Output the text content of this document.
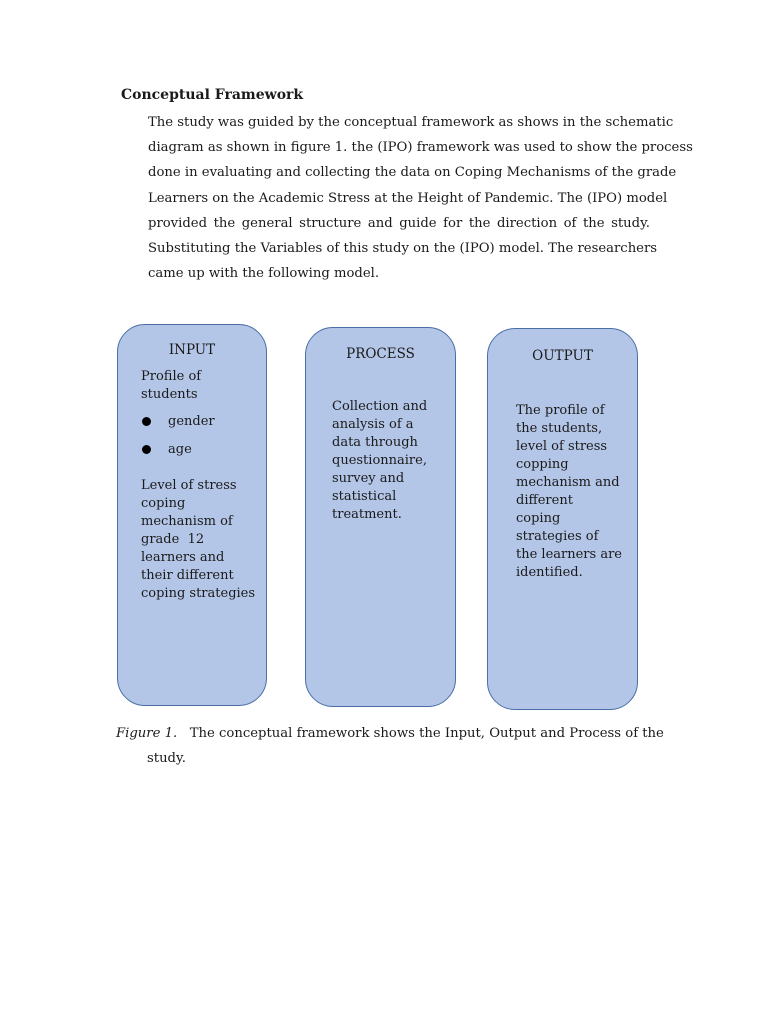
Conceptual Framework

The study was guided by the conceptual framework as shows in the schematic
diagram as shown in figure 1. the (IPO) framework was used to show the process
done in evaluating and collecting the data on Coping Mechanisms of the grade
Learners on the Academic Stress at the Height of Pandemic. The (IPO) model
provided the general structure and guide for the direction of the study.
Substituting the Variables of this study on the (IPO) model. The researchers
came up with the following model.

INPUT
Profile of
students
gender
age
Level of stress
coping
mechanism of
grade  12
learners and
their different
coping strategies
PROCESS
Collection and
analysis of a
data through
questionnaire,
survey and
statistical
treatment.
OUTPUT
The profile of
the students,
level of stress
copping
mechanism and
different
coping
strategies of
the learners are
identified.

Figure 1. The conceptual framework shows the Input, Output and Process of the
study.
